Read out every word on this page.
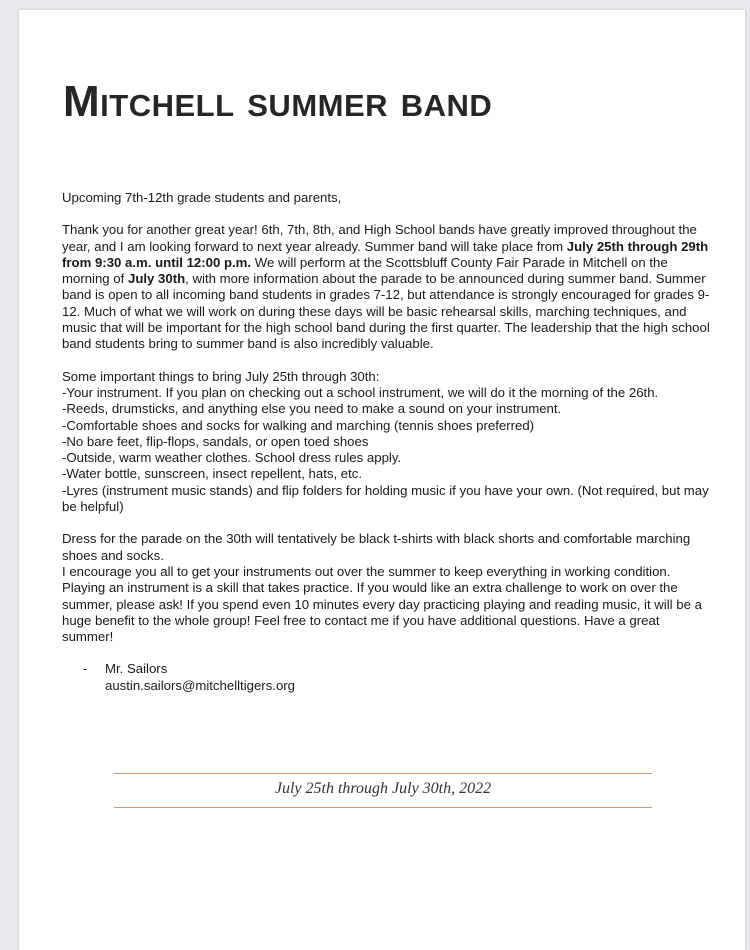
Mitchell summer band

Upcoming 7th-12th grade students and parents,

Thank you for another great year! 6th, 7th, 8th, and High School bands have greatly improved throughout the year, and I am looking forward to next year already. Summer band will take place from July 25th through 29th from 9:30 a.m. until 12:00 p.m. We will perform at the Scottsbluff County Fair Parade in Mitchell on the morning of July 30th, with more information about the parade to be announced during summer band. Summer band is open to all incoming band students in grades 7-12, but attendance is strongly encouraged for grades 9-12. Much of what we will work on during these days will be basic rehearsal skills, marching techniques, and music that will be important for the high school band during the first quarter. The leadership that the high school band students bring to summer band is also incredibly valuable.

Some important things to bring July 25th through 30th:

-Your instrument. If you plan on checking out a school instrument, we will do it the morning of the 26th.

-Reeds, drumsticks, and anything else you need to make a sound on your instrument.

-Comfortable shoes and socks for walking and marching (tennis shoes preferred)

-No bare feet, flip-flops, sandals, or open toed shoes

-Outside, warm weather clothes. School dress rules apply.

-Water bottle, sunscreen, insect repellent, hats, etc.

-Lyres (instrument music stands) and flip folders for holding music if you have your own. (Not required, but may be helpful)

Dress for the parade on the 30th will tentatively be black t-shirts with black shorts and comfortable marching shoes and socks.

I encourage you all to get your instruments out over the summer to keep everything in working condition. Playing an instrument is a skill that takes practice. If you would like an extra challenge to work on over the summer, please ask! If you spend even 10 minutes every day practicing playing and reading music, it will be a huge benefit to the whole group! Feel free to contact me if you have additional questions. Have a great summer!

- Mr. Sailors

austin.sailors@mitchelltigers.org

July 25th through July 30th, 2022
